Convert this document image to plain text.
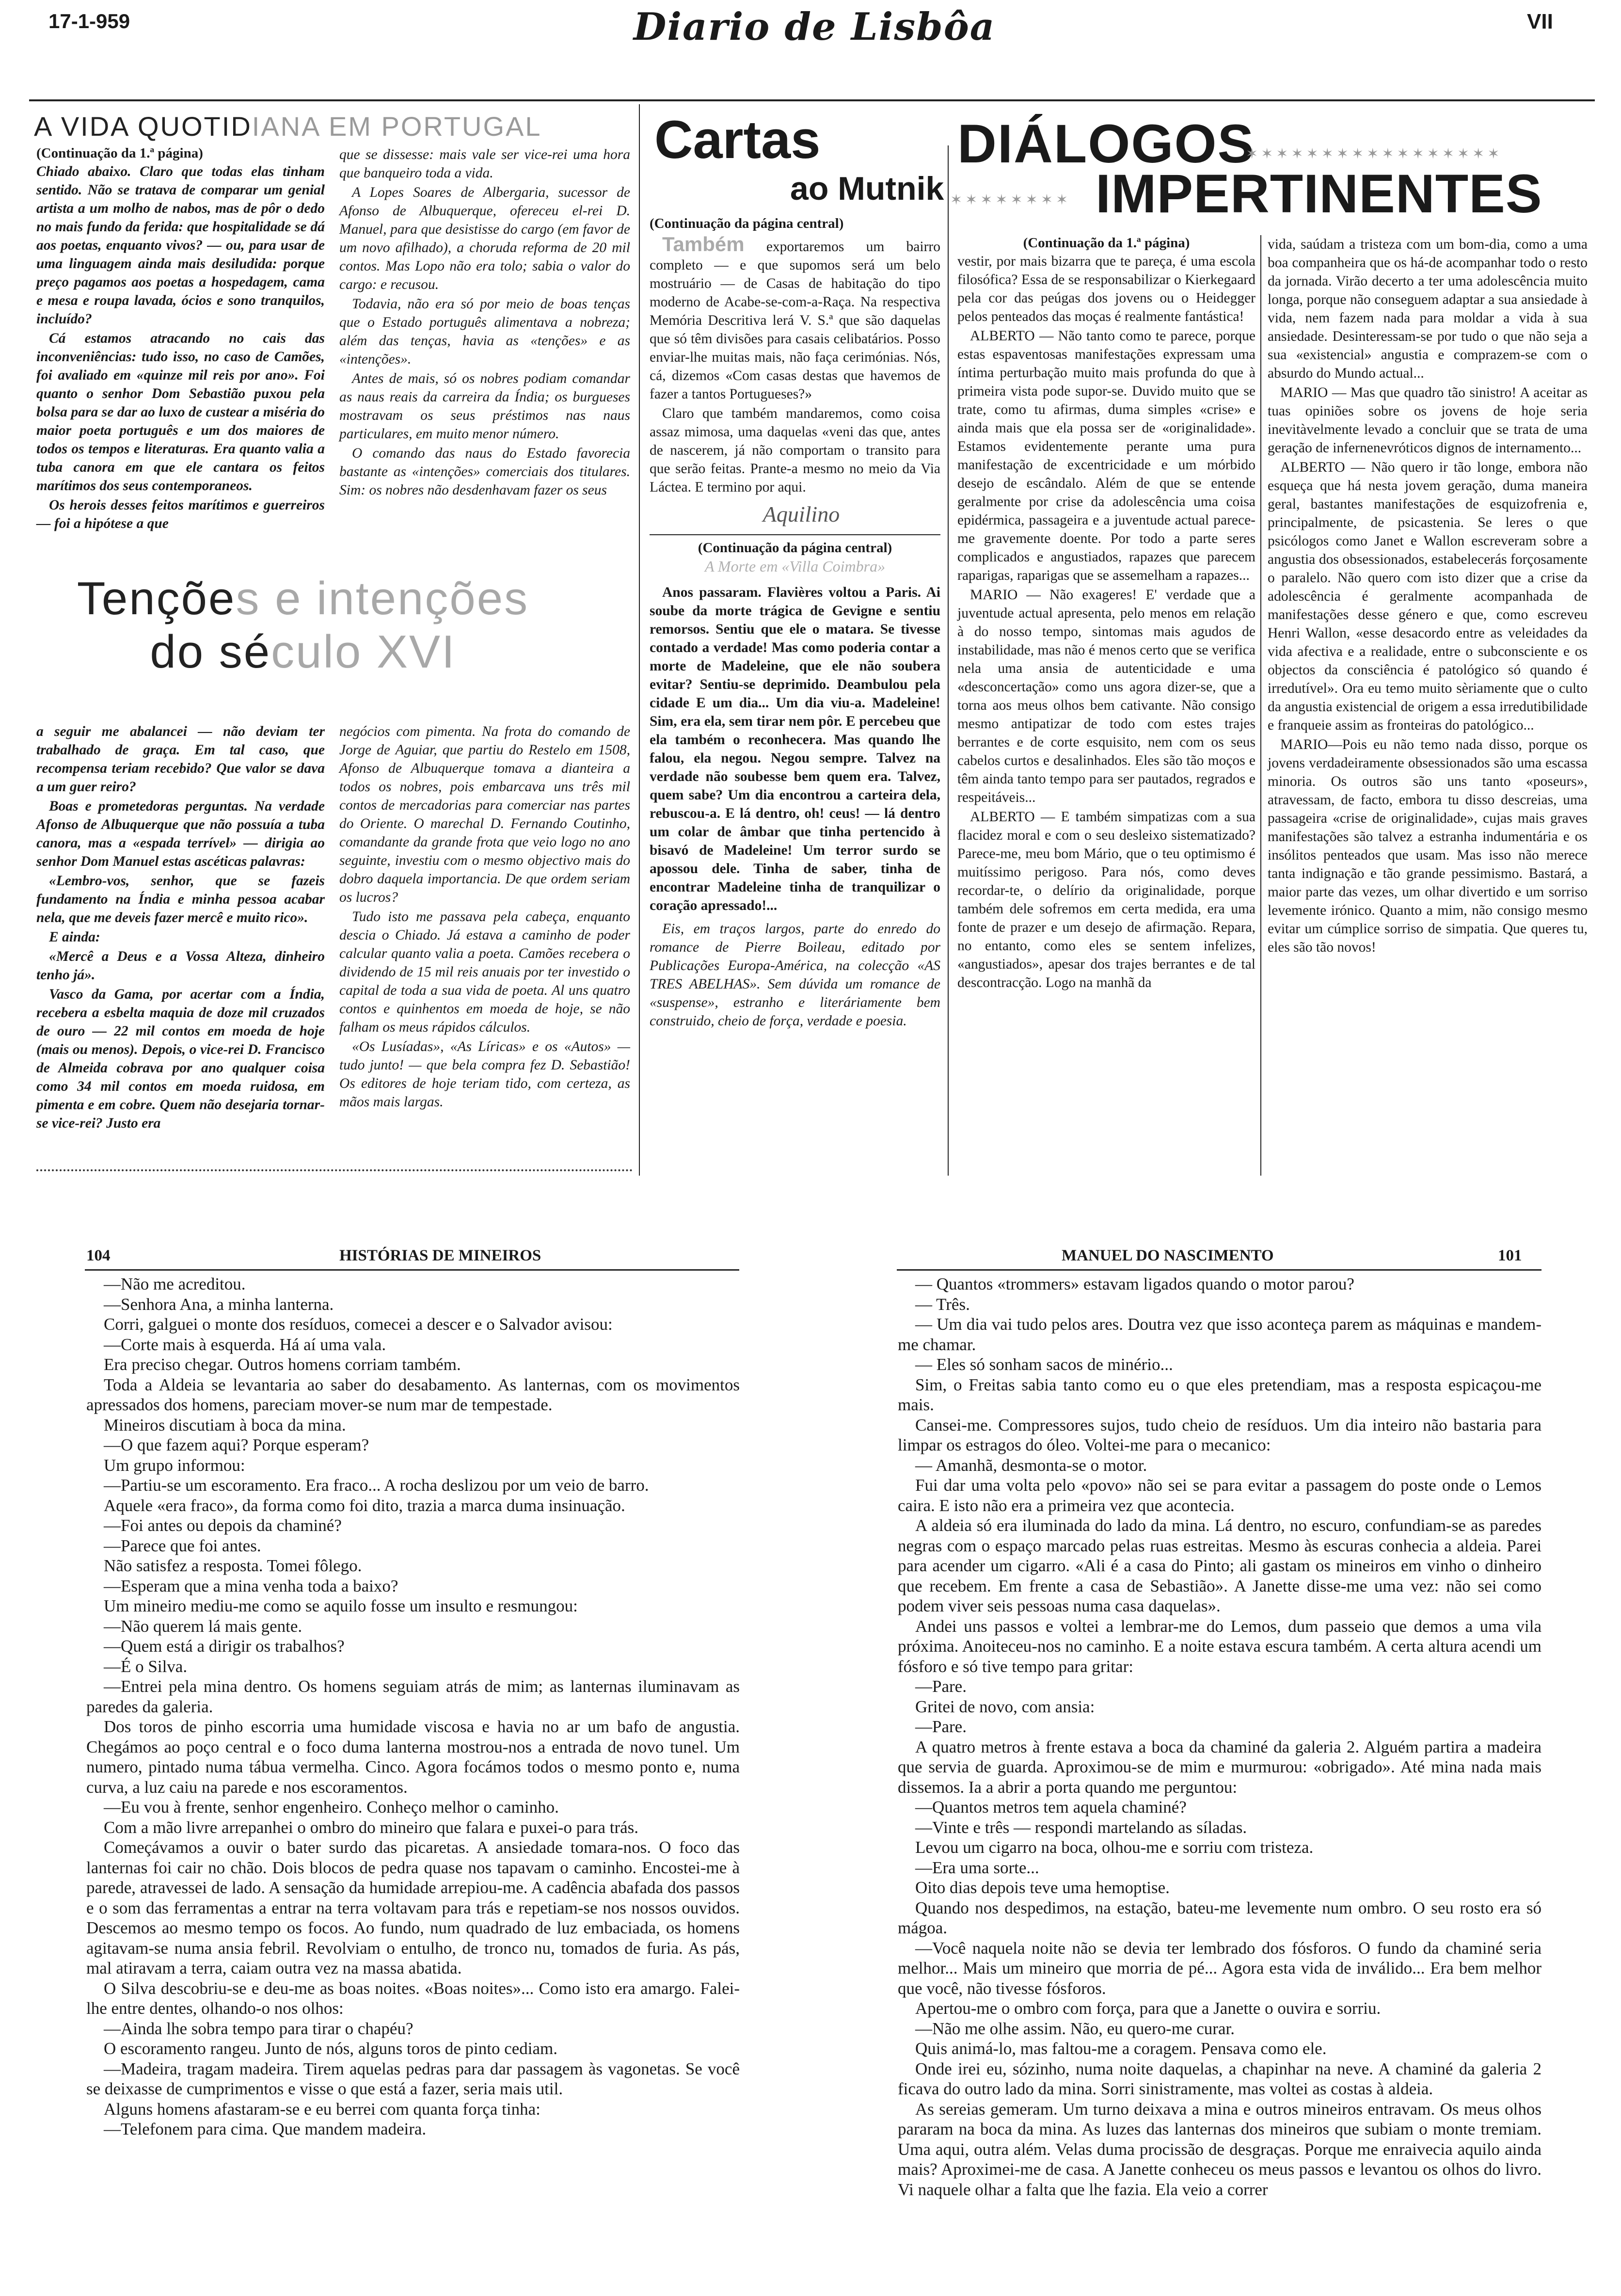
17-1-959	Diario de Lisbôa	VII
A VIDA QUOTIDIANA EM PORTUGAL

(Continuação da 1.ª página)

Chiado abaixo. Claro que todas elas tinham sentido. Não se tratava de comparar um genial artista a um molho de nabos, mas de pôr o dedo no mais fundo da ferida: que hospitalidade se dá aos poetas, enquanto vivos? — ou, para usar de uma linguagem ainda mais desiludida: porque preço pagamos aos poetas a hospedagem, cama e mesa e roupa lavada, ócios e sono tranquilos, incluído?

Cá estamos atracando no cais das inconveniências: tudo isso, no caso de Camões, foi avaliado em «quinze mil reis por ano». Foi quanto o senhor Dom Sebastião puxou pela bolsa para se dar ao luxo de custear a miséria do maior poeta português e um dos maiores de todos os tempos e literaturas. Era quanto valia a tuba canora em que ele cantara os feitos marítimos dos seus contemporaneos.

Os herois desses feitos marítimos e guerreiros — foi a hipótese a que

que se dissesse: mais vale ser vice-rei uma hora que banqueiro toda a vida.

A Lopes Soares de Albergaria, sucessor de Afonso de Albuquerque, ofereceu el-rei D. Manuel, para que desistisse do cargo (em favor de um novo afilhado), a choruda reforma de 20 mil contos. Mas Lopo não era tolo; sabia o valor do cargo: e recusou.

Todavia, não era só por meio de boas tenças que o Estado português alimentava a nobreza; além das tenças, havia as «tenções» e as «intenções».

Antes de mais, só os nobres podiam comandar as naus reais da carreira da Índia; os burgueses mostravam os seus préstimos nas naus particulares, em muito menor número.

O comando das naus do Estado favorecia bastante as «intenções» comerciais dos titulares. Sim: os nobres não desdenhavam fazer os seus

Tenções e intenções
do século XVI

a seguir me abalancei — não deviam ter trabalhado de graça. Em tal caso, que recompensa teriam recebido? Que valor se dava a um guer reiro?

Boas e prometedoras perguntas. Na verdade Afonso de Albuquerque que não possuía a tuba canora, mas a «espada terrível» — dirigia ao senhor Dom Manuel estas ascéticas palavras:

«Lembro-vos, senhor, que se fazeis fundamento na Índia e minha pessoa acabar nela, que me deveis fazer mercê e muito rico».

E ainda:

«Mercê a Deus e a Vossa Alteza, dinheiro tenho já».

Vasco da Gama, por acertar com a Índia, recebera a esbelta maquia de doze mil cruzados de ouro — 22 mil contos em moeda de hoje (mais ou menos). Depois, o vice-rei D. Francisco de Almeida cobrava por ano qualquer coisa como 34 mil contos em moeda ruidosa, em pimenta e em cobre. Quem não desejaria tornar-se vice-rei? Justo era

negócios com pimenta. Na frota do comando de Jorge de Aguiar, que partiu do Restelo em 1508, Afonso de Albuquerque tomava a dianteira a todos os nobres, pois embarcava uns três mil contos de mercadorias para comerciar nas partes do Oriente. O marechal D. Fernando Coutinho, comandante da grande frota que veio logo no ano seguinte, investiu com o mesmo objectivo mais do dobro daquela importancia. De que ordem seriam os lucros?

Tudo isto me passava pela cabeça, enquanto descia o Chiado. Já estava a caminho de poder calcular quanto valia a poeta. Camões recebera o dividendo de 15 mil reis anuais por ter investido o capital de toda a sua vida de poeta. Al uns quatro contos e quinhentos em moeda de hoje, se não falham os meus rápidos cálculos.

«Os Lusíadas», «As Líricas» e os «Autos» — tudo junto! — que bela compra fez D. Sebastião! Os editores de hoje teriam tido, com certeza, as mãos mais largas.

Cartas
ao Mutnik

(Continuação da página central)

Também exportaremos um bairro completo — e que supomos será um belo mostruário — de Casas de habitação do tipo moderno de Acabe-se-com-a-Raça. Na respectiva Memória Descritiva lerá V. S.ª que são daquelas que só têm divisões para casais celibatários. Posso enviar-lhe muitas mais, não faça cerimónias. Nós, cá, dizemos «Com casas destas que havemos de fazer a tantos Portugueses?»

Claro que também mandaremos, como coisa assaz mimosa, uma daquelas «veni das que, antes de nascerem, já não comportam o transito para que serão feitas. Prante-a mesmo no meio da Via Láctea. E termino por aqui.

Aquilino

(Continuação da página central)

A Morte em «Villa Coimbra»

Anos passaram. Flavières voltou a Paris. Ai soube da morte trágica de Gevigne e sentiu remorsos. Sentiu que ele o matara. Se tivesse contado a verdade! Mas como poderia contar a morte de Madeleine, que ele não soubera evitar? Sentiu-se deprimido. Deambulou pela cidade E um dia... Um dia viu-a. Madeleine! Sim, era ela, sem tirar nem pôr. E percebeu que ela também o reconhecera. Mas quando lhe falou, ela negou. Negou sempre. Talvez na verdade não soubesse bem quem era. Talvez, quem sabe? Um dia encontrou a carteira dela, rebuscou-a. E lá dentro, oh! ceus! — lá dentro um colar de âmbar que tinha pertencido à bisavó de Madeleine! Um terror surdo se apossou dele. Tinha de saber, tinha de encontrar Madeleine tinha de tranquilizar o coração apressado!...

Eis, em traços largos, parte do enredo do romance de Pierre Boileau, editado por Publicações Europa-América, na colecção «AS TRES ABELHAS». Sem dúvida um romance de «suspense», estranho e literáriamente bem construido, cheio de força, verdade e poesia.

DIÁLOGOS
✶✶✶✶✶✶✶✶✶✶✶✶✶✶✶✶✶
✶✶✶✶✶✶✶✶ IMPERTINENTES

(Continuação da 1.ª página)

vestir, por mais bizarra que te pareça, é uma escola filosófica? Essa de se responsabilizar o Kierkegaard pela cor das peúgas dos jovens ou o Heidegger pelos penteados das moças é realmente fantástica!

ALBERTO — Não tanto como te parece, porque estas espaventosas manifestações expressam uma íntima perturbação muito mais profunda do que à primeira vista pode supor-se. Duvido muito que se trate, como tu afirmas, duma simples «crise» e ainda mais que ela possa ser de «originalidade». Estamos evidentemente perante uma pura manifestação de excentricidade e um mórbido desejo de escândalo. Além de que se entende geralmente por crise da adolescência uma coisa epidérmica, passageira e a juventude actual parece-me gravemente doente. Por todo a parte seres complicados e angustiados, rapazes que parecem raparigas, raparigas que se assemelham a rapazes...

MARIO — Não exageres! E' verdade que a juventude actual apresenta, pelo menos em relação à do nosso tempo, sintomas mais agudos de instabilidade, mas não é menos certo que se verifica nela uma ansia de autenticidade e uma «desconcertação» como uns agora dizer-se, que a torna aos meus olhos bem cativante. Não consigo mesmo antipatizar de todo com estes trajes berrantes e de corte esquisito, nem com os seus cabelos curtos e desalinhados. Eles são tão moços e têm ainda tanto tempo para ser pautados, regrados e respeitáveis...

ALBERTO — E também simpatizas com a sua flacidez moral e com o seu desleixo sistematizado? Parece-me, meu bom Mário, que o teu optimismo é muitíssimo perigoso. Para nós, como deves recordar-te, o delírio da originalidade, porque também dele sofremos em certa medida, era uma fonte de prazer e um desejo de afirmação. Repara, no entanto, como eles se sentem infelizes, «angustiados», apesar dos trajes berrantes e de tal descontracção. Logo na manhã da

vida, saúdam a tristeza com um bom-dia, como a uma boa companheira que os há-de acompanhar todo o resto da jornada. Virão decerto a ter uma adolescência muito longa, porque não conseguem adaptar a sua ansiedade à vida, nem fazem nada para moldar a vida à sua ansiedade. Desinteressam-se por tudo o que não seja a sua «existencial» angustia e comprazem-se com o absurdo do Mundo actual...

MARIO — Mas que quadro tão sinistro! A aceitar as tuas opiniões sobre os jovens de hoje seria inevitàvelmente levado a concluir que se trata de uma geração de infernenevróticos dignos de internamento...

ALBERTO — Não quero ir tão longe, embora não esqueça que há nesta jovem geração, duma maneira geral, bastantes manifestações de esquizofrenia e, principalmente, de psicastenia. Se leres o que psicólogos como Janet e Wallon escreveram sobre a angustia dos obsessionados, estabelecerás forçosamente o paralelo. Não quero com isto dizer que a crise da adolescência é geralmente acompanhada de manifestações desse género e que, como escreveu Henri Wallon, «esse desacordo entre as veleidades da vida afectiva e a realidade, entre o subconsciente e os objectos da consciência é patológico só quando é irredutível». Ora eu temo muito sèriamente que o culto da angustia existencial de origem a essa irredutibilidade e franqueie assim as fronteiras do patológico...

MARIO—Pois eu não temo nada disso, porque os jovens verdadeiramente obsessionados são uma escassa minoria. Os outros são uns tanto «poseurs», atravessam, de facto, embora tu disso descreias, uma passageira «crise de originalidade», cujas mais graves manifestações são talvez a estranha indumentária e os insólitos penteados que usam. Mas isso não merece tanta indignação e tão grande pessimismo. Bastará, a maior parte das vezes, um olhar divertido e um sorriso levemente irónico. Quanto a mim, não consigo mesmo evitar um cúmplice sorriso de simpatia. Que queres tu, eles são tão novos!

104	HISTÓRIAS DE MINEIROS

—Não me acreditou.

—Senhora Ana, a minha lanterna.

Corri, galguei o monte dos resíduos, comecei a descer e o Salvador avisou:

—Corte mais à esquerda. Há aí uma vala.

Era preciso chegar. Outros homens corriam também.

Toda a Aldeia se levantaria ao saber do desabamento. As lanternas, com os movimentos apressados dos homens, pareciam mover-se num mar de tempestade.

Mineiros discutiam à boca da mina.

—O que fazem aqui? Porque esperam?

Um grupo informou:

—Partiu-se um escoramento. Era fraco... A rocha deslizou por um veio de barro.

Aquele «era fraco», da forma como foi dito, trazia a marca duma insinuação.

—Foi antes ou depois da chaminé?

—Parece que foi antes.

Não satisfez a resposta. Tomei fôlego.

—Esperam que a mina venha toda a baixo?

Um mineiro mediu-me como se aquilo fosse um insulto e resmungou:

—Não querem lá mais gente.

—Quem está a dirigir os trabalhos?

—É o Silva.

—Entrei pela mina dentro. Os homens seguiam atrás de mim; as lanternas iluminavam as paredes da galeria.

Dos toros de pinho escorria uma humidade viscosa e havia no ar um bafo de angustia. Chegámos ao poço central e o foco duma lanterna mostrou-nos a entrada de novo tunel. Um numero, pintado numa tábua vermelha. Cinco. Agora focámos todos o mesmo ponto e, numa curva, a luz caiu na parede e nos escoramentos.

—Eu vou à frente, senhor engenheiro. Conheço melhor o caminho.

Com a mão livre arrepanhei o ombro do mineiro que falara e puxei-o para trás.

Começávamos a ouvir o bater surdo das picaretas. A ansiedade tomara-nos. O foco das lanternas foi cair no chão. Dois blocos de pedra quase nos tapavam o caminho. Encostei-me à parede, atravessei de lado. A sensação da humidade arrepiou-me. A cadência abafada dos passos e o som das ferramentas a entrar na terra voltavam para trás e repetiam-se nos nossos ouvidos. Descemos ao mesmo tempo os focos. Ao fundo, num quadrado de luz embaciada, os homens agitavam-se numa ansia febril. Revolviam o entulho, de tronco nu, tomados de furia. As pás, mal atiravam a terra, caiam outra vez na massa abatida.

O Silva descobriu-se e deu-me as boas noites. «Boas noites»... Como isto era amargo. Falei-lhe entre dentes, olhando-o nos olhos:

—Ainda lhe sobra tempo para tirar o chapéu?

O escoramento rangeu. Junto de nós, alguns toros de pinto cediam.

—Madeira, tragam madeira. Tirem aquelas pedras para dar passagem às vagonetas. Se você se deixasse de cumprimentos e visse o que está a fazer, seria mais util.

Alguns homens afastaram-se e eu berrei com quanta força tinha:

—Telefonem para cima. Que mandem madeira.

MANUEL DO NASCIMENTO	101

— Quantos «trommers» estavam ligados quando o motor parou?

— Três.

— Um dia vai tudo pelos ares. Doutra vez que isso aconteça parem as máquinas e mandem-me chamar.

— Eles só sonham sacos de minério...

Sim, o Freitas sabia tanto como eu o que eles pretendiam, mas a resposta espicaçou-me mais.

Cansei-me. Compressores sujos, tudo cheio de resíduos. Um dia inteiro não bastaria para limpar os estragos do óleo. Voltei-me para o mecanico:

— Amanhã, desmonta-se o motor.

Fui dar uma volta pelo «povo» não sei se para evitar a passagem do poste onde o Lemos caira. E isto não era a primeira vez que acontecia.

A aldeia só era iluminada do lado da mina. Lá dentro, no escuro, confundiam-se as paredes negras com o espaço marcado pelas ruas estreitas. Mesmo às escuras conhecia a aldeia. Parei para acender um cigarro. «Ali é a casa do Pinto; ali gastam os mineiros em vinho o dinheiro que recebem. Em frente a casa de Sebastião». A Janette disse-me uma vez: não sei como podem viver seis pessoas numa casa daquelas».

Andei uns passos e voltei a lembrar-me do Lemos, dum passeio que demos a uma vila próxima. Anoiteceu-nos no caminho. E a noite estava escura também. A certa altura acendi um fósforo e só tive tempo para gritar:

—Pare.

Gritei de novo, com ansia:

—Pare.

A quatro metros à frente estava a boca da chaminé da galeria 2. Alguém partira a madeira que servia de guarda. Aproximou-se de mim e murmurou: «obrigado». Até mina nada mais dissemos. Ia a abrir a porta quando me perguntou:

—Quantos metros tem aquela chaminé?

—Vinte e três — respondi martelando as síladas.

Levou um cigarro na boca, olhou-me e sorriu com tristeza.

—Era uma sorte...

Oito dias depois teve uma hemoptise.

Quando nos despedimos, na estação, bateu-me levemente num ombro. O seu rosto era só mágoa.

—Você naquela noite não se devia ter lembrado dos fósforos. O fundo da chaminé seria melhor... Mais um mineiro que morria de pé... Agora esta vida de inválido... Era bem melhor que você, não tivesse fósforos.

Apertou-me o ombro com força, para que a Janette o ouvira e sorriu.

—Não me olhe assim. Não, eu quero-me curar.

Quis animá-lo, mas faltou-me a coragem. Pensava como ele.

Onde irei eu, sózinho, numa noite daquelas, a chapinhar na neve. A chaminé da galeria 2 ficava do outro lado da mina. Sorri sinistramente, mas voltei as costas à aldeia.

As sereias gemeram. Um turno deixava a mina e outros mineiros entravam. Os meus olhos pararam na boca da mina. As luzes das lanternas dos mineiros que subiam o monte tremiam. Uma aqui, outra além. Velas duma procissão de desgraças. Porque me enraivecia aquilo ainda mais? Aproximei-me de casa. A Janette conheceu os meus passos e levantou os olhos do livro. Vi naquele olhar a falta que lhe fazia. Ela veio a correr
